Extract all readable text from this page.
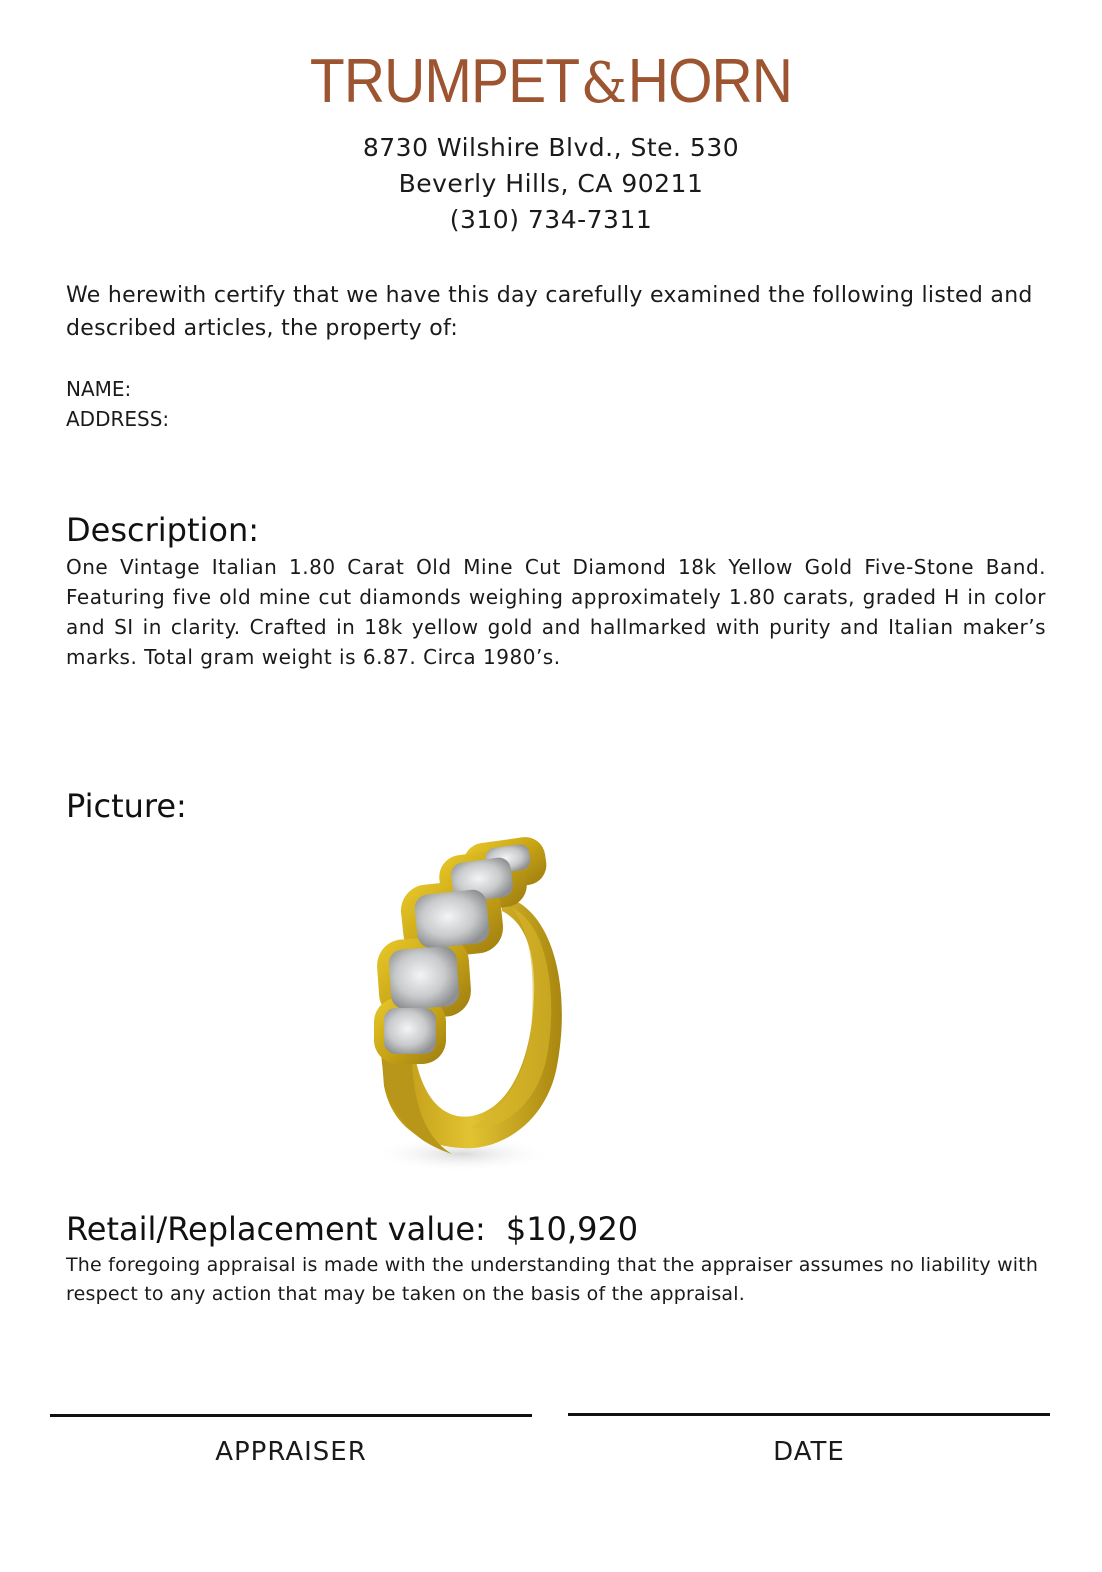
TRUMPET&HORN
8730 Wilshire Blvd., Ste. 530
Beverly Hills, CA 90211
(310) 734-7311
We herewith certify that we have this day carefully examined the following listed and described articles, the property of:
NAME:
ADDRESS:
Description:
One Vintage Italian 1.80 Carat Old Mine Cut Diamond 18k Yellow Gold Five-Stone Band. Featuring five old mine cut diamonds weighing approximately 1.80 carats, graded H in color and SI in clarity. Crafted in 18k yellow gold and hallmarked with purity and Italian maker’s marks. Total gram weight is 6.87. Circa 1980’s.
Picture:
Retail/Replacement value: $10,920
The foregoing appraisal is made with the understanding that the appraiser assumes no liability with respect to any action that may be taken on the basis of the appraisal.
APPRAISER	DATE
